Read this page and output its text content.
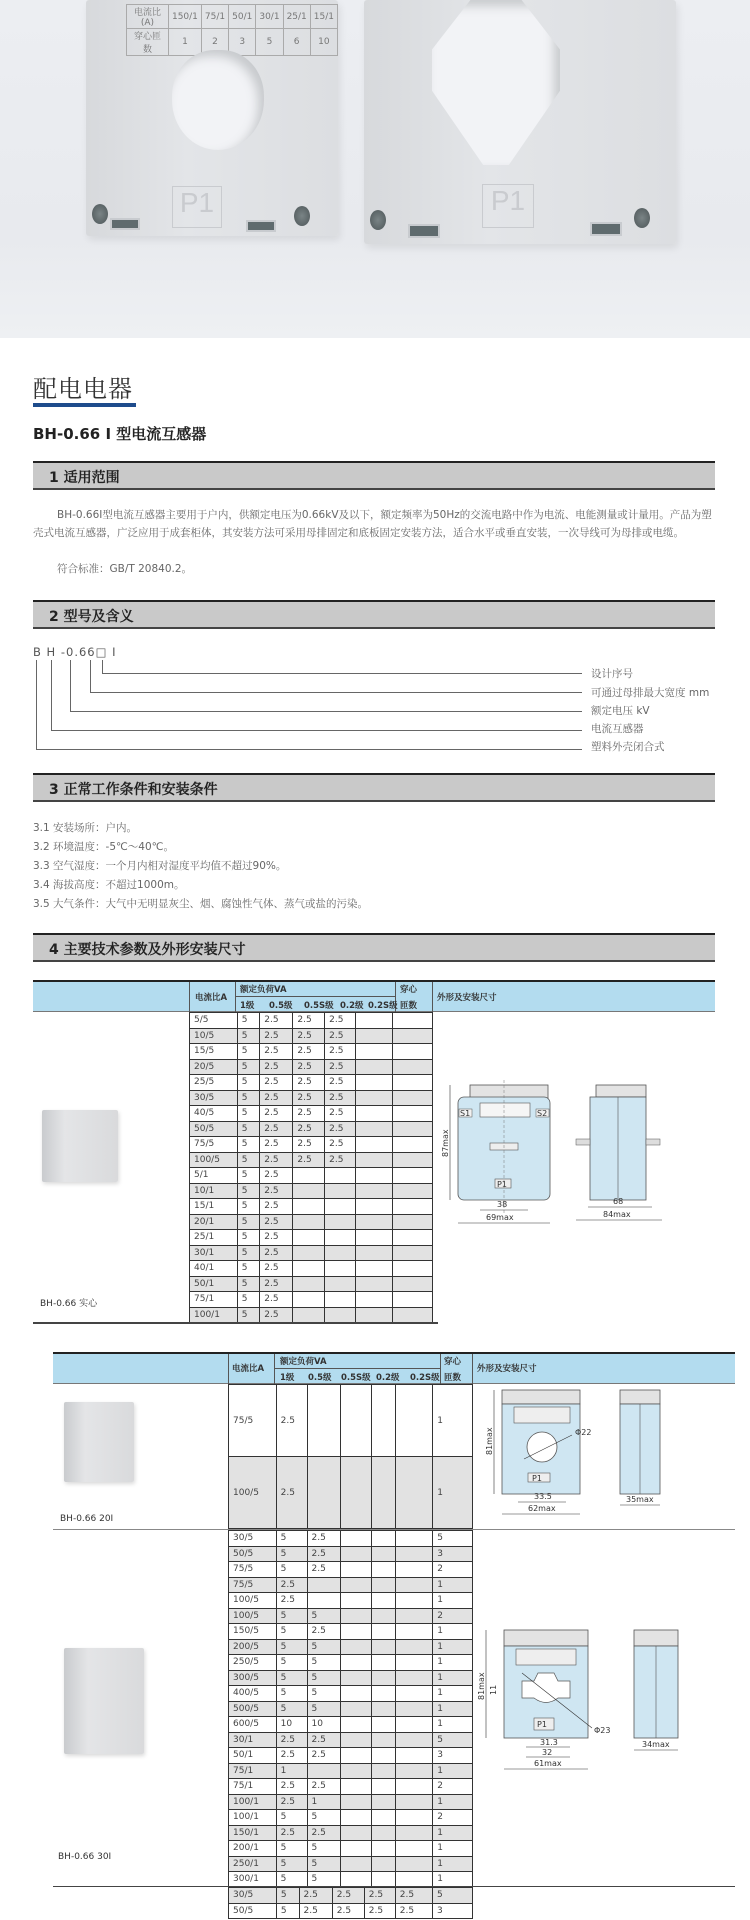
电流比(A)	150/1	75/1	50/1	30/1	25/1	15/1
穿心匝数	1	2	3	5	6	10
P1	P1
配电电器
BH-0.66 Ⅰ 型电流互感器
1 适用范围
BH-0.66Ⅰ型电流互感器主要用于户内，供额定电压为0.66kV及以下，额定频率为50Hz的交流电路中作为电流、电能测量或计量用。产品为塑壳式电流互感器，广泛应用于成套柜体，其安装方法可采用母排固定和底板固定安装方法，适合水平或垂直安装，一次导线可为母排或电缆。
符合标准：GB/T 20840.2。
2 型号及含义
B H -0.66□ Ⅰ
设计序号
可通过母排最大宽度 mm
额定电压 kV
电流互感器
塑料外壳闭合式
3 正常工作条件和安装条件
3.1 安装场所：户内。
3.2 环境温度：-5℃～40℃。
3.3 空气湿度：一个月内相对湿度平均值不超过90%。
3.4 海拔高度：不超过1000m。
3.5 大气条件：大气中无明显灰尘、烟、腐蚀性气体、蒸气或盐的污染。
4 主要技术参数及外形安装尺寸
电流比A
额定负荷VA
1级 0.5级 0.5S级 0.2级 0.2S级
穿心
匝数
外形及安装尺寸
5/5	5	2.5	2.5	2.5		
10/5	5	2.5	2.5	2.5		
15/5	5	2.5	2.5	2.5		
20/5	5	2.5	2.5	2.5		
25/5	5	2.5	2.5	2.5		
30/5	5	2.5	2.5	2.5		
40/5	5	2.5	2.5	2.5		
50/5	5	2.5	2.5	2.5		
75/5	5	2.5	2.5	2.5		
100/5	5	2.5	2.5	2.5		
5/1	5	2.5				
10/1	5	2.5				
15/1	5	2.5				
20/1	5	2.5				
25/1	5	2.5				
30/1	5	2.5				
40/1	5	2.5				
50/1	5	2.5				
75/1	5	2.5				
100/1	5	2.5				
BH-0.66 实心
S1	S2
P1
87max
38
69max
68
84max
电流比A
额定负荷VA
1级 0.5级 0.5S级 0.2级 0.2S级
穿心
匝数
外形及安装尺寸
75/5	2.5					1
100/5	2.5					1
BH-0.66 20Ⅰ
Φ22
P1
81max
33.5
62max
35max
30/5	5	2.5				5
50/5	5	2.5				3
75/5	5	2.5				2
75/5	2.5					1
100/5	2.5					1
100/5	5	5				2
150/5	5	2.5				1
200/5	5	5				1
250/5	5	5				1
300/5	5	5				1
400/5	5	5				1
500/5	5	5				1
600/5	10	10				1
30/1	2.5	2.5				5
50/1	2.5	2.5				3
75/1	1					1
75/1	2.5	2.5				2
100/1	2.5	1				1
100/1	5	5				2
150/1	2.5	2.5				1
200/1	5	5				1
250/1	5	5				1
300/1	5	5				1
BH-0.66 30Ⅰ
Φ23
11
P1
81max
31.3
32
61max
34max
30/5	5	2.5	2.5	2.5	2.5	5
50/5	5	2.5	2.5	2.5	2.5	3
